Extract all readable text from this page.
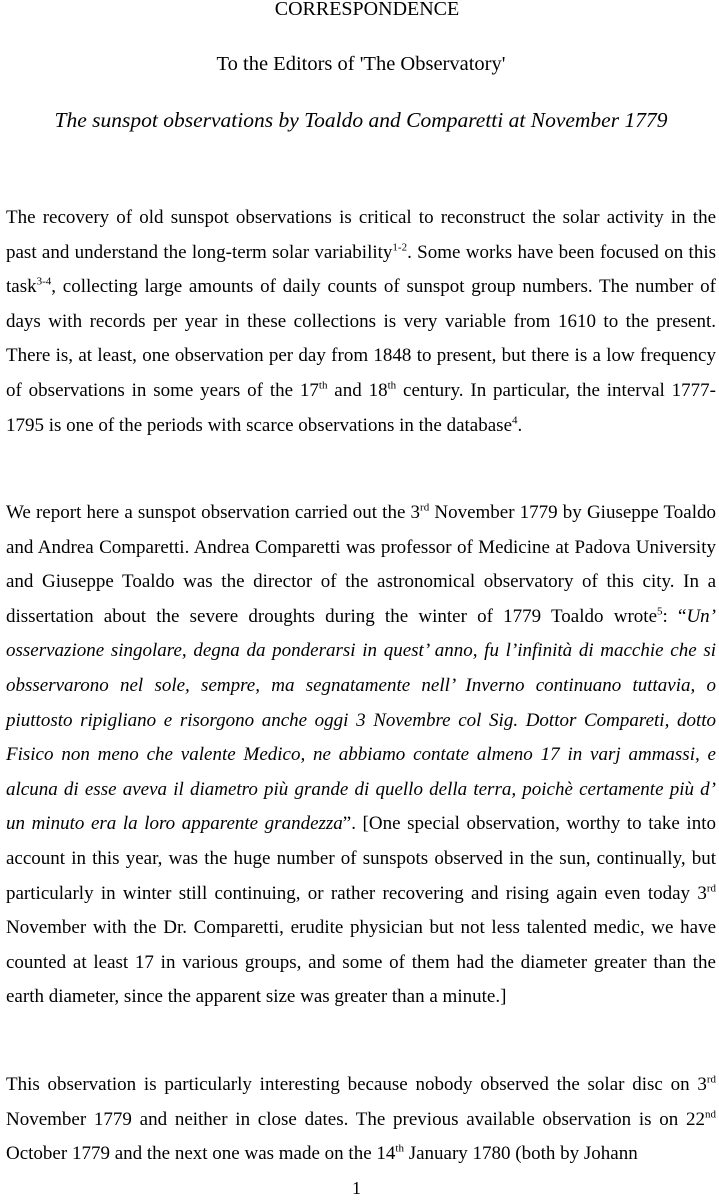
CORRESPONDENCE
To the Editors of 'The Observatory'
The sunspot observations by Toaldo and Comparetti at November 1779
The recovery of old sunspot observations is critical to reconstruct the solar activity in the past and understand the long-term solar variability$^{1-2}$. Some works have been focused on this task$^{3-4}$, collecting large amounts of daily counts of sunspot group numbers. The number of days with records per year in these collections is very variable from 1610 to the present. There is, at least, one observation per day from 1848 to present, but there is a low frequency of observations in some years of the 17th and 18th century. In particular, the interval 1777-1795 is one of the periods with scarce observations in the database$^4$.
We report here a sunspot observation carried out the 3rd November 1779 by Giuseppe Toaldo and Andrea Comparetti. Andrea Comparetti was professor of Medicine at Padova University and Giuseppe Toaldo was the director of the astronomical observatory of this city. In a dissertation about the severe droughts during the winter of 1779 Toaldo wrote$^5$: “Un’ osservazione singolare, degna da ponderarsi in quest’ anno, fu l’infinità di macchie che si obsservarono nel sole, sempre, ma segnatamente nell’ Inverno continuano tuttavia, o piuttosto ripigliano e risorgono anche oggi 3 Novembre col Sig. Dottor Compareti, dotto Fisico non meno che valente Medico, ne abbiamo contate almeno 17 in varj ammassi, e alcuna di esse aveva il diametro più grande di quello della terra, poichè certamente più d’ un minuto era la loro apparente grandezza”. [One special observation, worthy to take into account in this year, was the huge number of sunspots observed in the sun, continually, but particularly in winter still continuing, or rather recovering and rising again even today 3rd November with the Dr. Comparetti, erudite physician but not less talented medic, we have counted at least 17 in various groups, and some of them had the diameter greater than the earth diameter, since the apparent size was greater than a minute.]
This observation is particularly interesting because nobody observed the solar disc on 3rd November 1779 and neither in close dates. The previous available observation is on 22nd October 1779 and the next one was made on the 14th January 1780 (both by Johann
1
